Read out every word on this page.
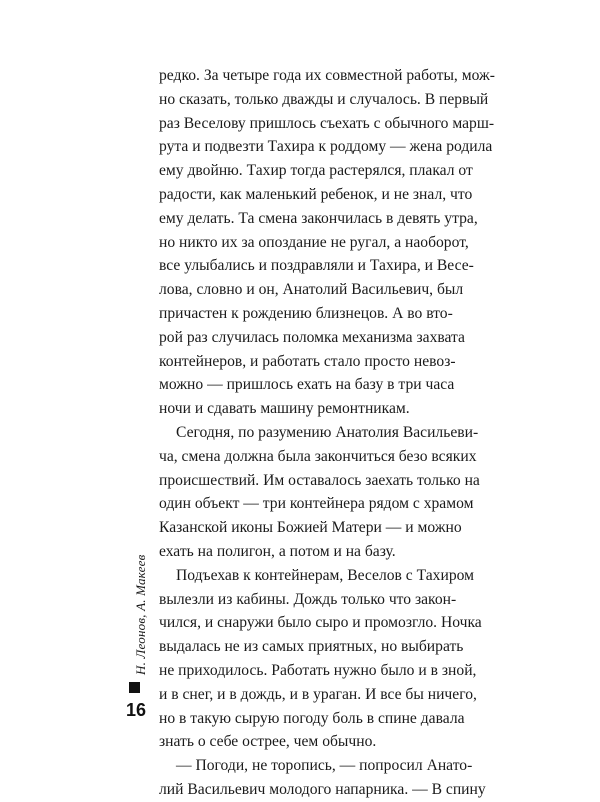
Н. Леонов, А. Макеев
16
редко. За четыре года их совместной работы, мож-
но сказать, только дважды и случалось. В первый
раз Веселову пришлось съехать с обычного марш-
рута и подвезти Тахира к роддому — жена родила
ему двойню. Тахир тогда растерялся, плакал от
радости, как маленький ребенок, и не знал, что
ему делать. Та смена закончилась в девять утра,
но никто их за опоздание не ругал, а наоборот,
все улыбались и поздравляли и Тахира, и Весе-
лова, словно и он, Анатолий Васильевич, был
причастен к рождению близнецов. А во вто-
рой раз случилась поломка механизма захвата
контейнеров, и работать стало просто невоз-
можно — пришлось ехать на базу в три часа
ночи и сдавать машину ремонтникам.
Сегодня, по разумению Анатолия Васильеви-
ча, смена должна была закончиться безо всяких
происшествий. Им оставалось заехать только на
один объект — три контейнера рядом с храмом
Казанской иконы Божией Матери — и можно
ехать на полигон, а потом и на базу.
Подъехав к контейнерам, Веселов с Тахиром
вылезли из кабины. Дождь только что закон-
чился, и снаружи было сыро и промозгло. Ночка
выдалась не из самых приятных, но выбирать
не приходилось. Работать нужно было и в зной,
и в снег, и в дождь, и в ураган. И все бы ничего,
но в такую сырую погоду боль в спине давала
знать о себе острее, чем обычно.
— Погоди, не торопись, — попросил Анато-
лий Васильевич молодого напарника. — В спину
